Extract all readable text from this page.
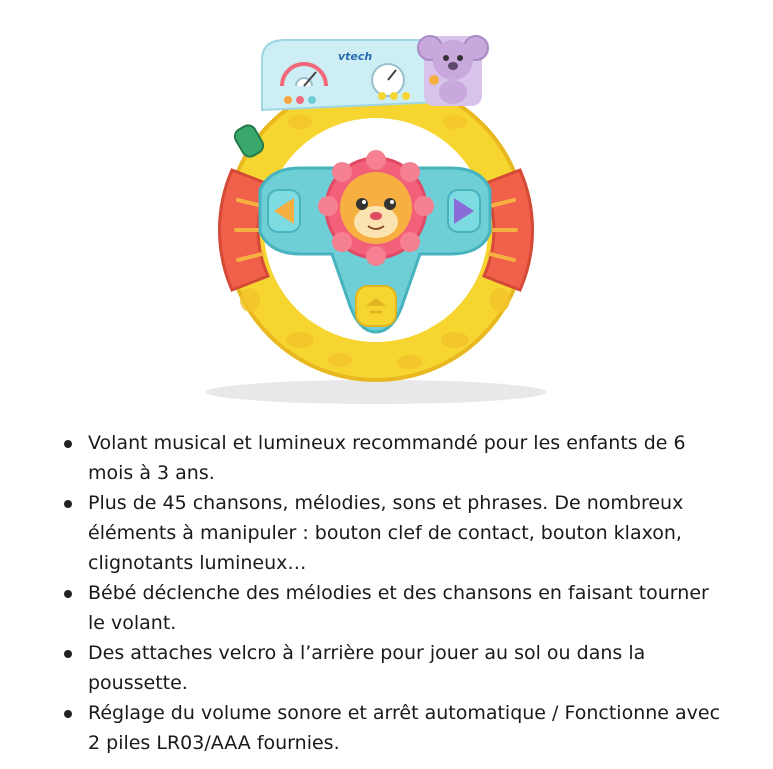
vtech
Volant musical et lumineux recommandé pour les enfants de 6
mois à 3 ans.
Plus de 45 chansons, mélodies, sons et phrases. De nombreux
éléments à manipuler : bouton clef de contact, bouton klaxon,
clignotants lumineux…
Bébé déclenche des mélodies et des chansons en faisant tourner
le volant.
Des attaches velcro à l’arrière pour jouer au sol ou dans la
poussette.
Réglage du volume sonore et arrêt automatique / Fonctionne avec
2 piles LR03/AAA fournies.
